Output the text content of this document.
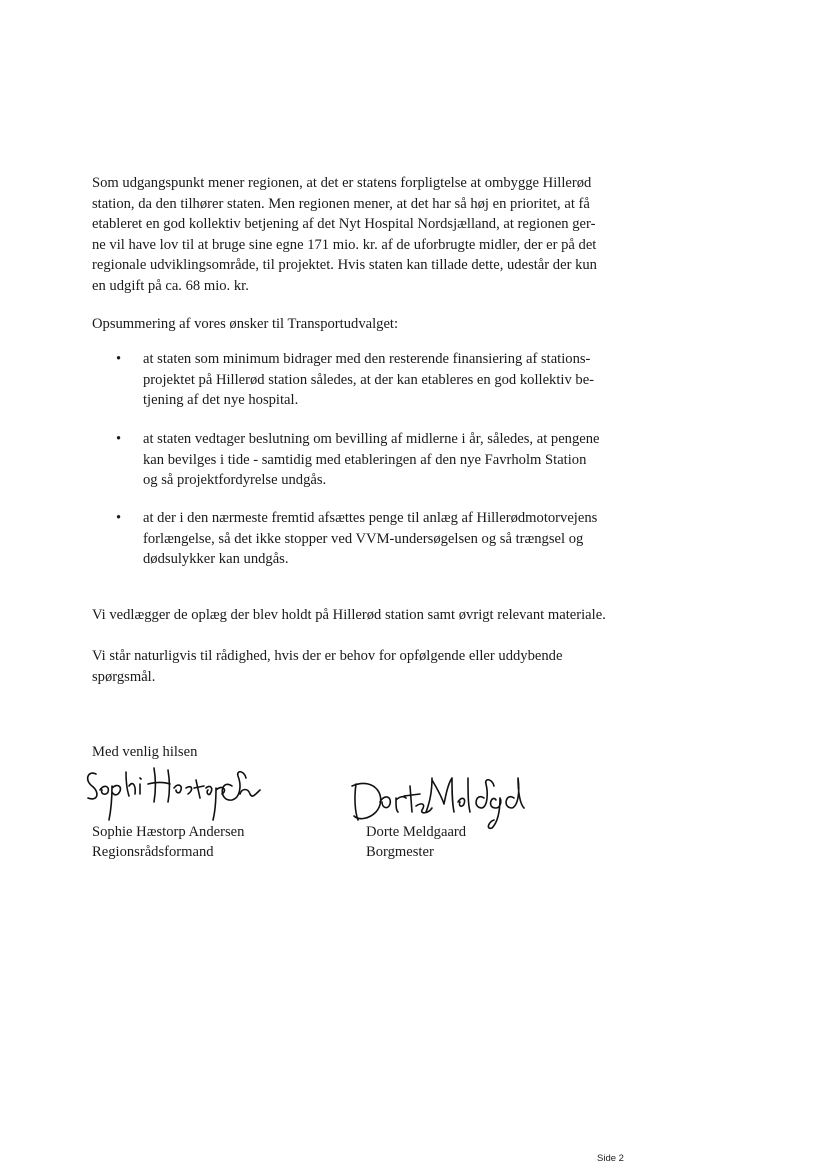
Som udgangspunkt mener regionen, at det er statens forpligtelse at ombygge Hillerød
station, da den tilhører staten. Men regionen mener, at det har så høj en prioritet, at få
etableret en god kollektiv betjening af det Nyt Hospital Nordsjælland, at regionen ger-
ne vil have lov til at bruge sine egne 171 mio. kr. af de uforbrugte midler, der er på det
regionale udviklingsområde, til projektet. Hvis staten kan tillade dette, udestår der kun
en udgift på ca. 68 mio. kr.
Opsummering af vores ønsker til Transportudvalget:
•	at staten som minimum bidrager med den resterende finansiering af stations-
projektet på Hillerød station således, at der kan etableres en god kollektiv be-
tjening af det nye hospital.
•	at staten vedtager beslutning om bevilling af midlerne i år, således, at pengene
kan bevilges i tide - samtidig med etableringen af den nye Favrholm Station
og så projektfordyrelse undgås.
•	at der i den nærmeste fremtid afsættes penge til anlæg af Hillerødmotorvejens
forlængelse, så det ikke stopper ved VVM-undersøgelsen og så trængsel og
dødsulykker kan undgås.
Vi vedlægger de oplæg der blev holdt på Hillerød station samt øvrigt relevant materiale.
Vi står naturligvis til rådighed, hvis der er behov for opfølgende eller uddybende
spørgsmål.
Med venlig hilsen
Sophie Hæstorp Andersen
Regionsrådsformand
Dorte Meldgaard
Borgmester
Side 2
